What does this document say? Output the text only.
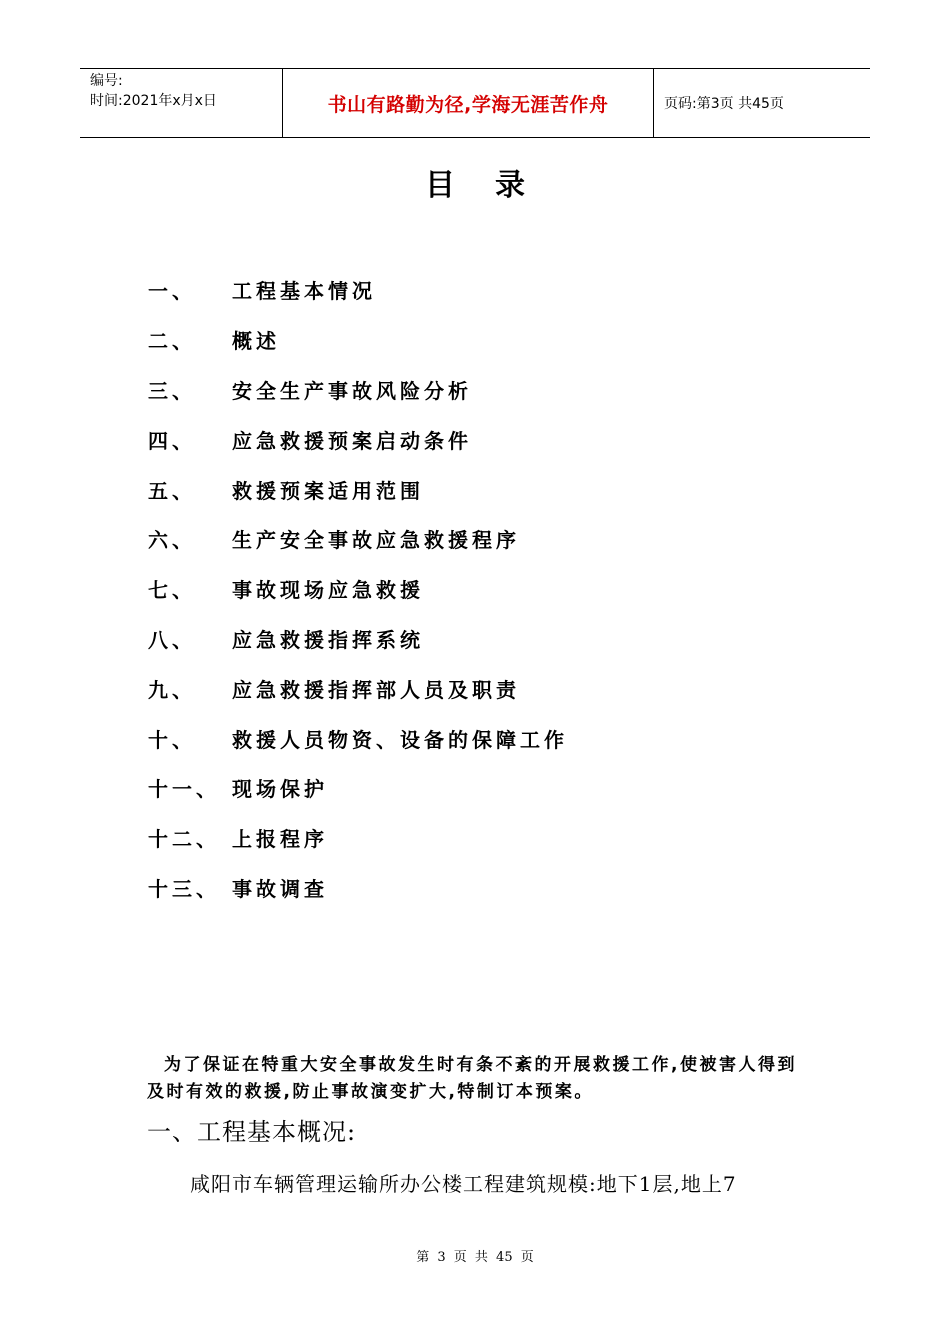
编号:
时间:2021年x月x日	书山有路勤为径,学海无涯苦作舟	页码:第3页 共45页
目录
一、	工程基本情况
二、	概述
三、	安全生产事故风险分析
四、	应急救援预案启动条件
五、	救援预案适用范围
六、	生产安全事故应急救援程序
七、	事故现场应急救援
八、	应急救援指挥系统
九、	应急救援指挥部人员及职责
十、	救援人员物资、设备的保障工作
十一、 现场保护
十二、 上报程序
十三、 事故调查
为了保证在特重大安全事故发生时有条不紊的开展救援工作,使被害人得到及时有效的救援,防止事故演变扩大,特制订本预案。
一、工程基本概况:
咸阳市车辆管理运输所办公楼工程建筑规模:地下1层,地上7
第 3 页 共 45 页
